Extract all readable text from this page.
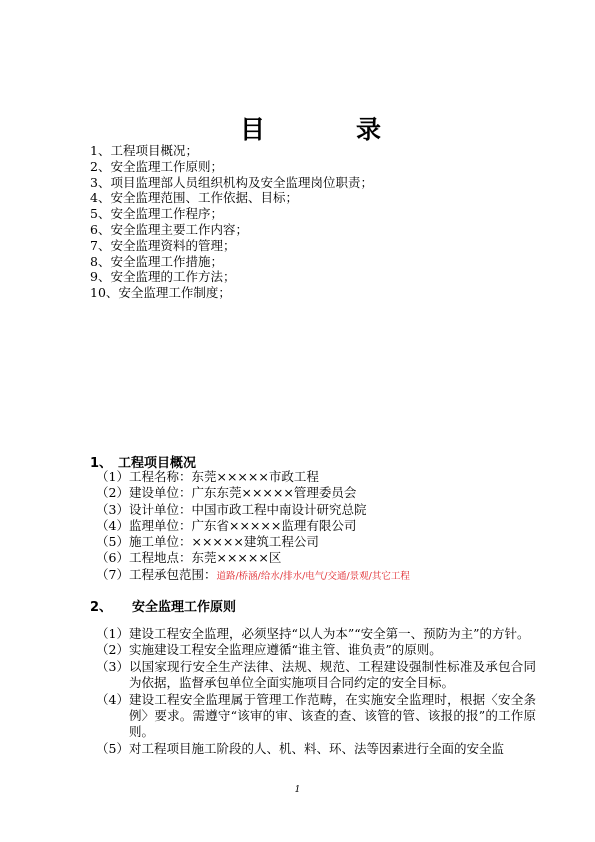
目	录
1、工程项目概况；
2、安全监理工作原则；
3、项目监理部人员组织机构及安全监理岗位职责；
4、安全监理范围、工作依据、目标；
5、安全监理工作程序；
6、安全监理主要工作内容；
7、安全监理资料的管理；
8、安全监理工作措施；
9、安全监理的工作方法；
10、安全监理工作制度；
1、 工程项目概况
（1）工程名称：东莞×××××市政工程
（2）建设单位：广东东莞×××××管理委员会
（3）设计单位：中国市政工程中南设计研究总院
（4）监理单位：广东省×××××监理有限公司
（5）施工单位：×××××建筑工程公司
（6）工程地点：东莞×××××区
（7）工程承包范围：道路/桥涵/给水/排水/电气/交通/景观/其它工程
2、 安全监理工作原则
（1） 建设工程安全监理，必须坚持“以人为本”“安全第一、预防为主”的方针。
（2） 实施建设工程安全监理应遵循“谁主管、谁负责”的原则。
（3） 以国家现行安全生产法律、法规、规范、工程建设强制性标准及承包合同为依据，监督承包单位全面实施项目合同约定的安全目标。
（4） 建设工程安全监理属于管理工作范畴，在实施安全监理时，根据〈安全条例〉要求。需遵守“该审的审、该查的查、该管的管、该报的报”的工作原则。
（5） 对工程项目施工阶段的人、机、料、环、法等因素进行全面的安全监
1
